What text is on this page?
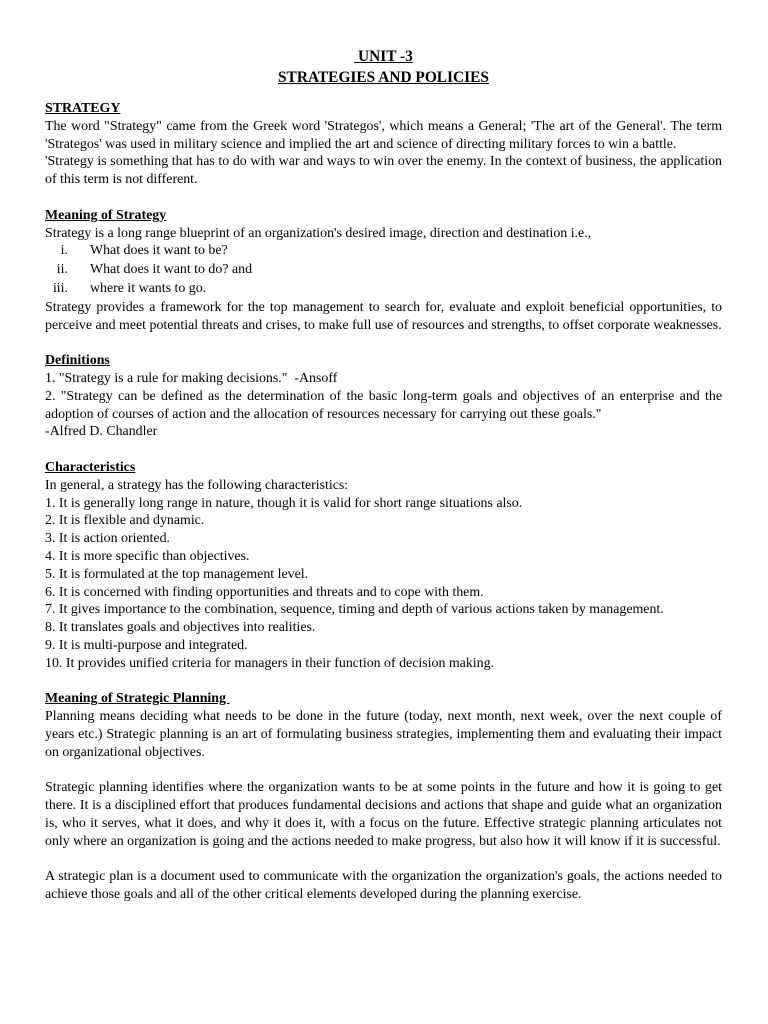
UNIT -3
STRATEGIES AND POLICIES
STRATEGY
The word "Strategy" came from the Greek word 'Strategos', which means a General; 'The art of the General'. The term 'Strategos' was used in military science and implied the art and science of directing military forces to win a battle.
'Strategy is something that has to do with war and ways to win over the enemy. In the context of business, the application of this term is not different.
Meaning of Strategy
Strategy is a long range blueprint of an organization's desired image, direction and destination i.e.,
i.	What does it want to be?
ii.	What does it want to do? and
iii.	where it wants to go.
Strategy provides a framework for the top management to search for, evaluate and exploit beneficial opportunities, to perceive and meet potential threats and crises, to make full use of resources and strengths, to offset corporate weaknesses.
Definitions
1. "Strategy is a rule for making decisions."  -Ansoff
2. "Strategy can be defined as the determination of the basic long-term goals and objectives of an enterprise and the adoption of courses of action and the allocation of resources necessary for carrying out these goals."
-Alfred D. Chandler
Characteristics
In general, a strategy has the following characteristics:
1. It is generally long range in nature, though it is valid for short range situations also.
2. It is flexible and dynamic.
3. It is action oriented.
4. It is more specific than objectives.
5. It is formulated at the top management level.
6. It is concerned with finding opportunities and threats and to cope with them.
7. It gives importance to the combination, sequence, timing and depth of various actions taken by management.
8. It translates goals and objectives into realities.
9. It is multi-purpose and integrated.
10. It provides unified criteria for managers in their function of decision making.
Meaning of Strategic Planning
Planning means deciding what needs to be done in the future (today, next month, next week, over the next couple of years etc.) Strategic planning is an art of formulating business strategies, implementing them and evaluating their impact on organizational objectives.
Strategic planning identifies where the organization wants to be at some points in the future and how it is going to get there. It is a disciplined effort that produces fundamental decisions and actions that shape and guide what an organization is, who it serves, what it does, and why it does it, with a focus on the future. Effective strategic planning articulates not only where an organization is going and the actions needed to make progress, but also how it will know if it is successful.
A strategic plan is a document used to communicate with the organization the organization's goals, the actions needed to achieve those goals and all of the other critical elements developed during the planning exercise.
